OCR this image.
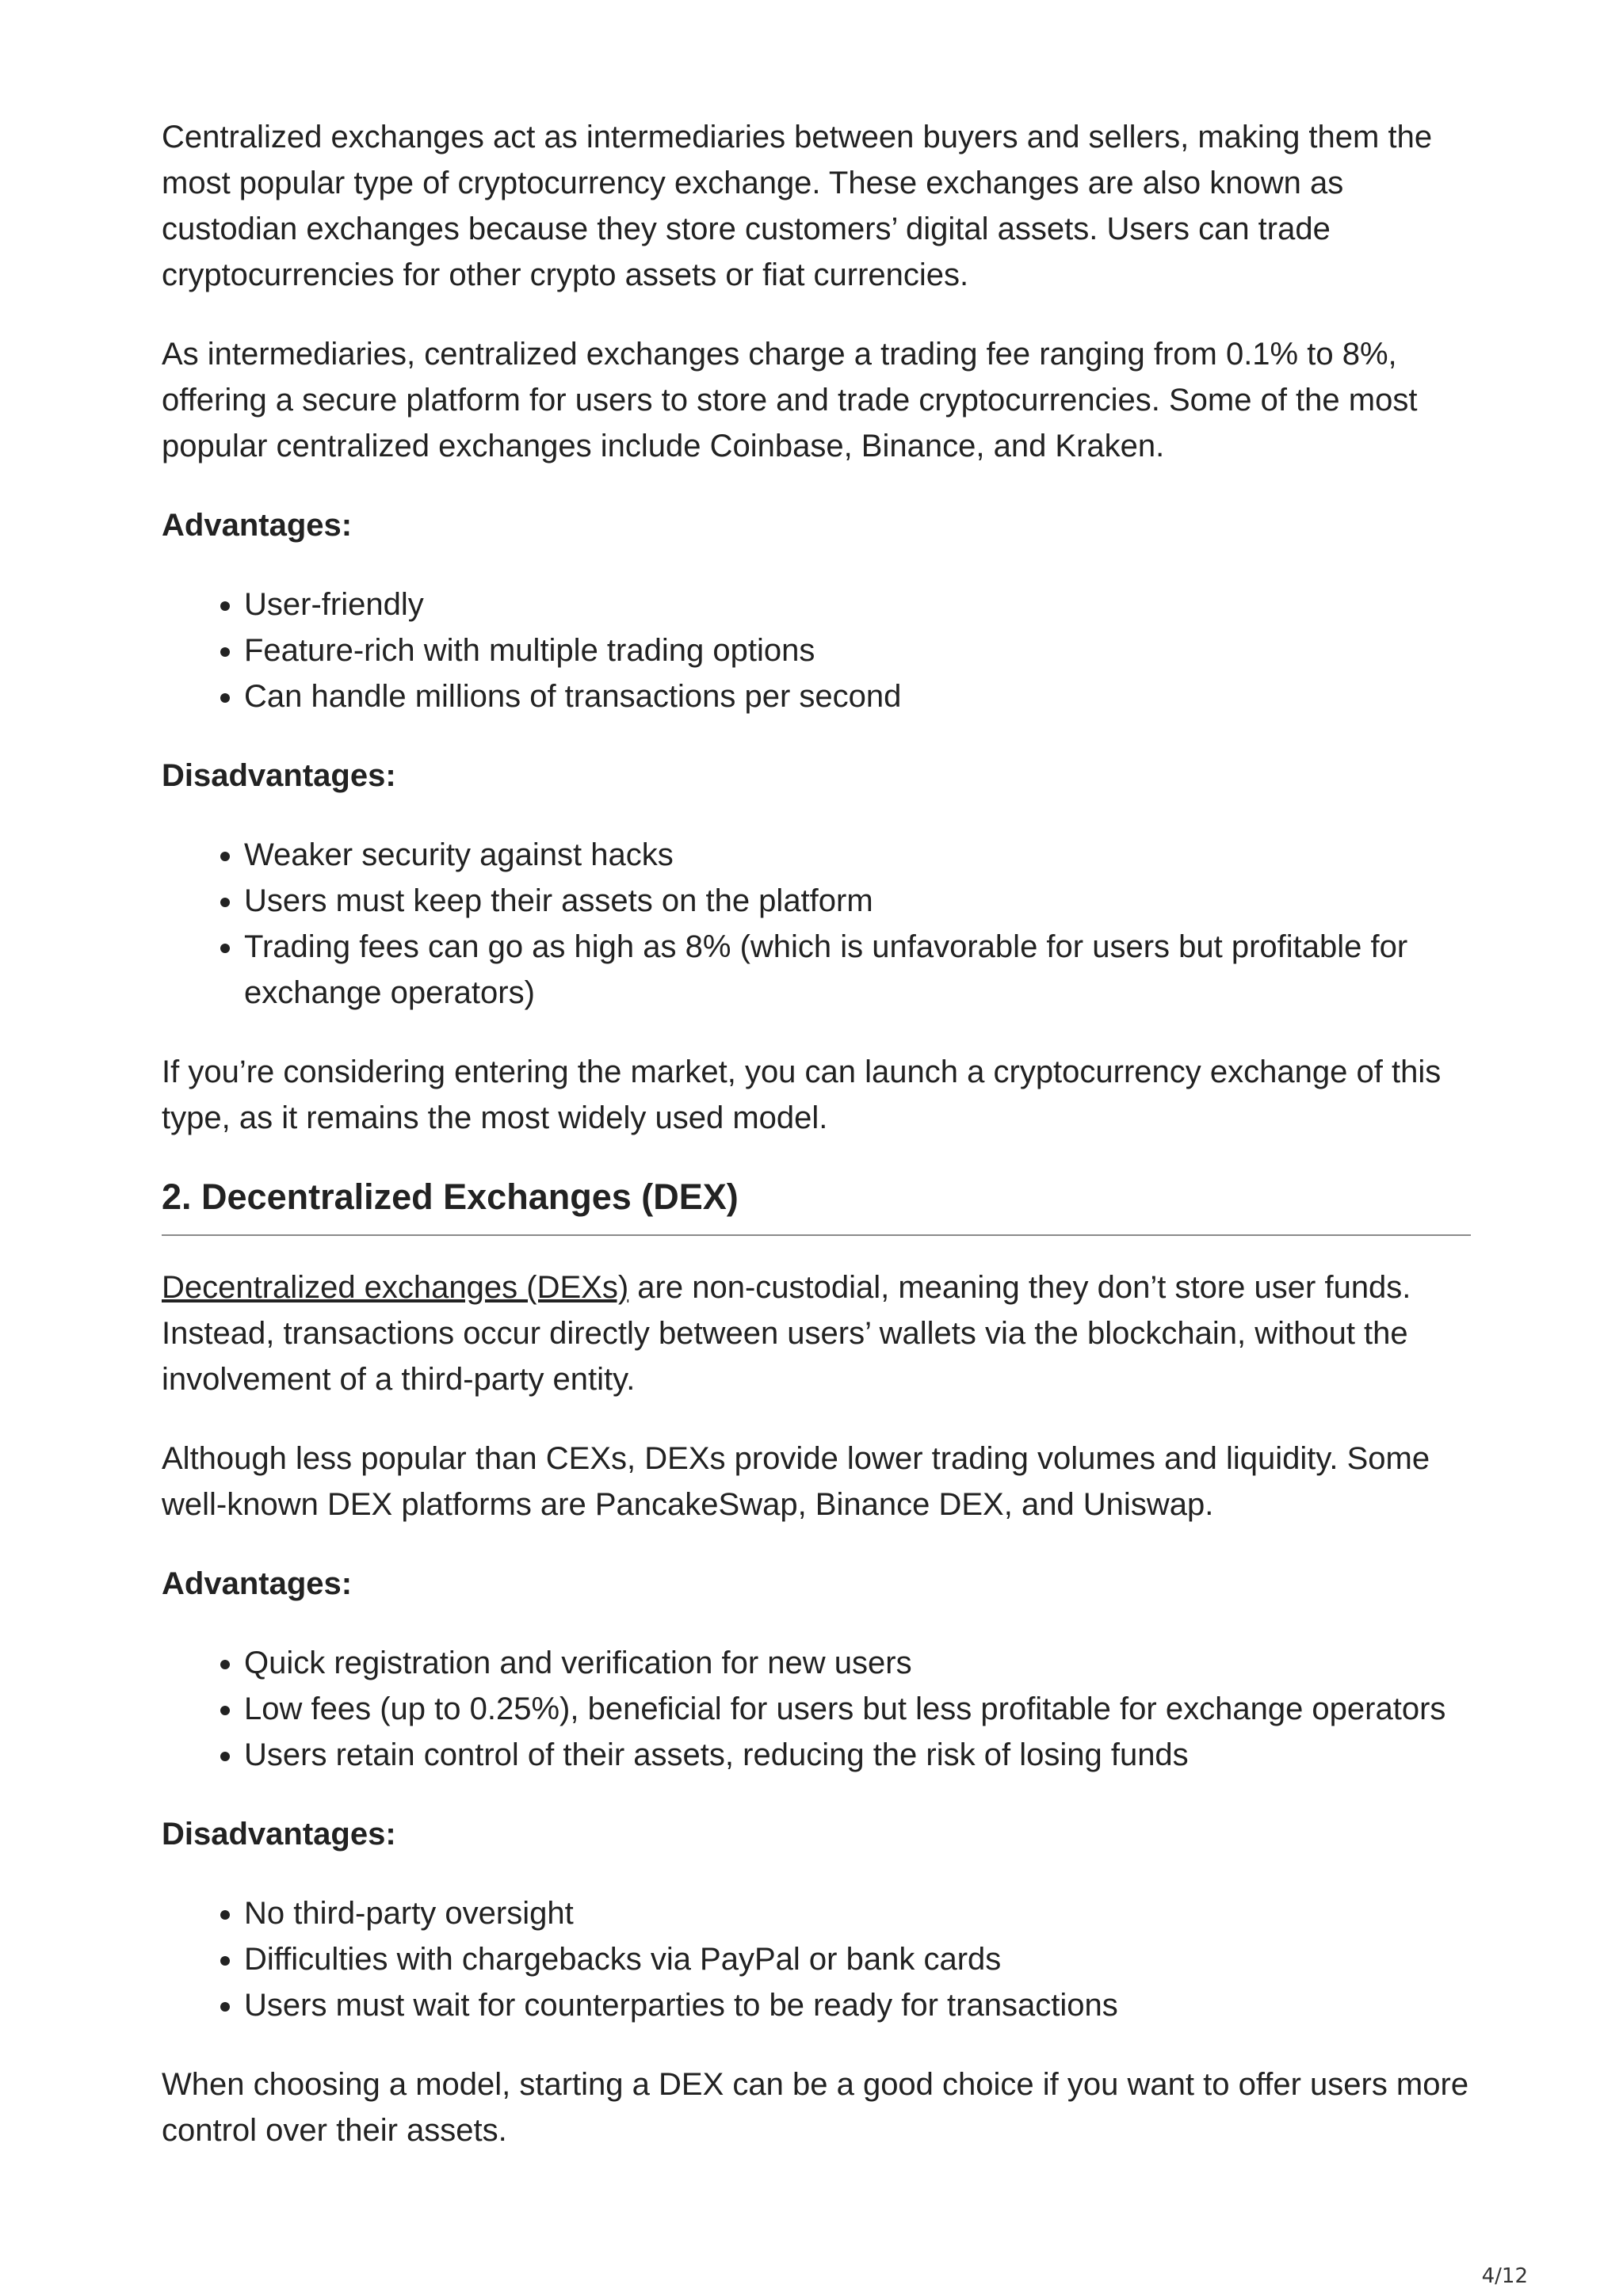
Centralized exchanges act as intermediaries between buyers and sellers, making them the most popular type of cryptocurrency exchange. These exchanges are also known as custodian exchanges because they store customers’ digital assets. Users can trade cryptocurrencies for other crypto assets or fiat currencies.

As intermediaries, centralized exchanges charge a trading fee ranging from 0.1% to 8%, offering a secure platform for users to store and trade cryptocurrencies. Some of the most popular centralized exchanges include Coinbase, Binance, and Kraken.

Advantages:
• User-friendly
• Feature-rich with multiple trading options
• Can handle millions of transactions per second
Disadvantages:
• Weaker security against hacks
• Users must keep their assets on the platform
• Trading fees can go as high as 8% (which is unfavorable for users but profitable for exchange operators)

If you’re considering entering the market, you can launch a cryptocurrency exchange of this type, as it remains the most widely used model.

2. Decentralized Exchanges (DEX)

Decentralized exchanges (DEXs) are non-custodial, meaning they don’t store user funds. Instead, transactions occur directly between users’ wallets via the blockchain, without the involvement of a third-party entity.

Although less popular than CEXs, DEXs provide lower trading volumes and liquidity. Some well-known DEX platforms are PancakeSwap, Binance DEX, and Uniswap.

Advantages:
• Quick registration and verification for new users
• Low fees (up to 0.25%), beneficial for users but less profitable for exchange operators
• Users retain control of their assets, reducing the risk of losing funds
Disadvantages:
• No third-party oversight
• Difficulties with chargebacks via PayPal or bank cards
• Users must wait for counterparties to be ready for transactions

When choosing a model, starting a DEX can be a good choice if you want to offer users more control over their assets.

4/12
